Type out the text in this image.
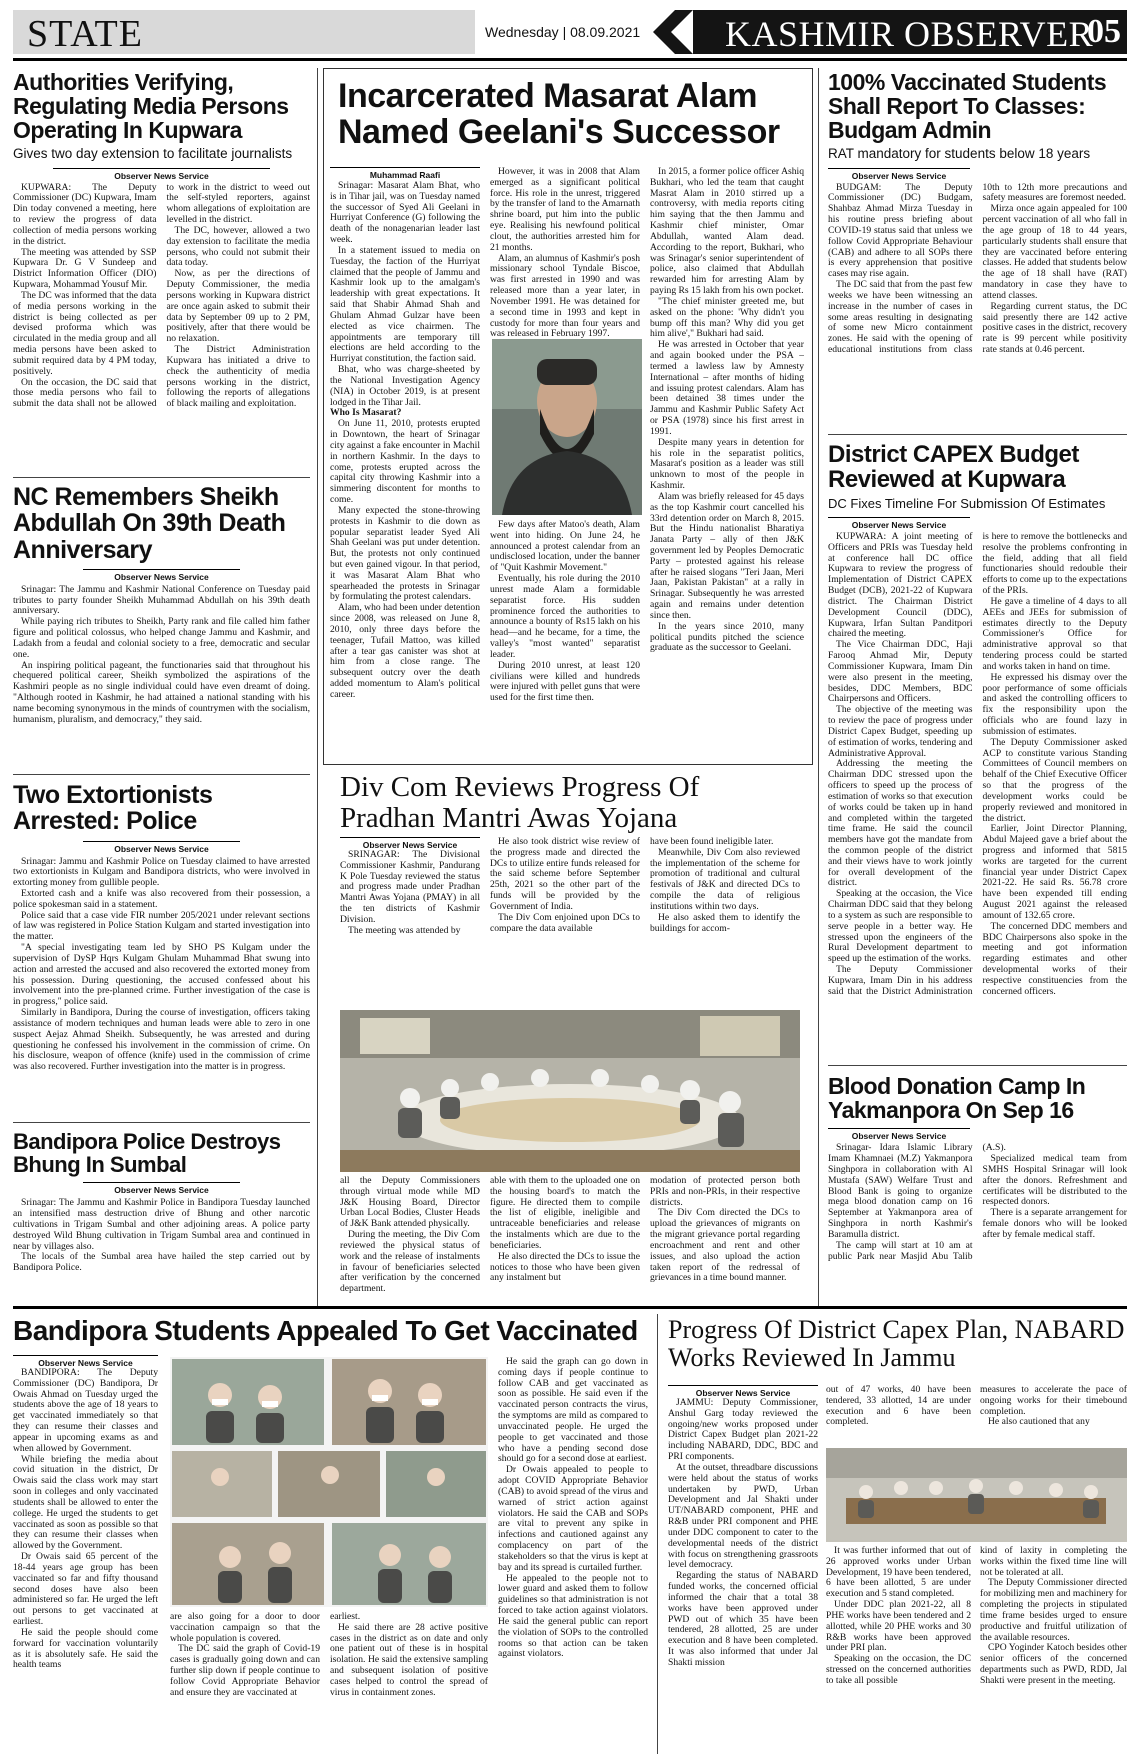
STATE	Wednesday | 08.09.2021 KASHMIR OBSERVER
05
Authorities Verifying, Regulating Media Persons Operating In Kupwara
Gives two day extension to facilitate journalists
Observer News Service

KUPWARA: The Deputy Commissioner (DC) Kupwara, Imam Din today convened a meeting, here to review the progress of data collection of media persons working in the district.

The meeting was attended by SSP Kupwara Dr. G V Sundeep and District Information Officer (DIO) Kupwara, Mohammad Yousuf Mir.

The DC was informed that the data of media persons working in the district is being collected as per devised proforma which was circulated in the media group and all media persons have been asked to submit required data by 4 PM today, positively.

On the occasion, the DC said that those media persons who fail to submit the data shall not be allowed to work in the district to weed out the self-styled reporters, against whom allegations of exploitation are levelled in the district.

The DC, however, allowed a two day extension to facilitate the media persons, who could not submit their data today.

Now, as per the directions of Deputy Commissioner, the media persons working in Kupwara district are once again asked to submit their data by September 09 up to 2 PM, positively, after that there would be no relaxation.

The District Administration Kupwara has initiated a drive to check the authenticity of media persons working in the district, following the reports of allegations of black mailing and exploitation.

NC Remembers Sheikh Abdullah On 39th Death Anniversary
Observer News Service

Srinagar: The Jammu and Kashmir National Conference on Tuesday paid tributes to party founder Sheikh Muhammad Abdullah on his 39th death anniversary.

While paying rich tributes to Sheikh, Party rank and file called him father figure and political colossus, who helped change Jammu and Kashmir, and Ladakh from a feudal and colonial society to a free, democratic and secular one.

An inspiring political pageant, the functionaries said that throughout his chequered political career, Sheikh symbolized the aspirations of the Kashmiri people as no single individual could have even dreamt of doing. "Although rooted in Kashmir, he had attained a national standing with his name becoming synonymous in the minds of countrymen with the socialism, humanism, pluralism, and democracy," they said.

Two Extortionists Arrested: Police
Observer News Service

Srinagar: Jammu and Kashmir Police on Tuesday claimed to have arrested two extortionists in Kulgam and Bandipora districts, who were involved in extorting money from gullible people.

Extorted cash and a knife was also recovered from their possession, a police spokesman said in a statement.

Police said that a case vide FIR number 205/2021 under relevant sections of law was registered in Police Station Kulgam and started investigation into the matter.

"A special investigating team led by SHO PS Kulgam under the supervision of DySP Hqrs Kulgam Ghulam Muhammad Bhat swung into action and arrested the accused and also recovered the extorted money from his possession. During questioning, the accused confessed about his involvement into the pre-planned crime. Further investigation of the case is in progress," police said.

Similarly in Bandipora, During the course of investigation, officers taking assistance of modern techniques and human leads were able to zero in one suspect Aejaz Ahmad Sheikh. Subsequently, he was arrested and during questioning he confessed his involvement in the commission of crime. On his disclosure, weapon of offence (knife) used in the commission of crime was also recovered. Further investigation into the matter is in progress.

Bandipora Police Destroys Bhung In Sumbal
Observer News Service

Srinagar: The Jammu and Kashmir Police in Bandipora Tuesday launched an intensified mass destruction drive of Bhung and other narcotic cultivations in Trigam Sumbal and other adjoining areas. A police party destroyed Wild Bhung cultivation in Trigam Sumbal area and continued in near by villages also.

The locals of the Sumbal area have hailed the step carried out by Bandipora Police.

Incarcerated Masarat Alam Named Geelani's Successor
Muhammad Raafi

Srinagar: Masarat Alam Bhat, who is in Tihar jail, was on Tuesday named the successor of Syed Ali Geelani in Hurriyat Conference (G) following the death of the nonagenarian leader last week.

In a statement issued to media on Tuesday, the faction of the Hurriyat claimed that the people of Jammu and Kashmir look up to the amalgam's leadership with great expectations. It said that Shabir Ahmad Shah and Ghulam Ahmad Gulzar have been elected as vice chairmen. The appointments are temporary till elections are held according to the Hurriyat constitution, the faction said.

Bhat, who was charge-sheeted by the National Investigation Agency (NIA) in October 2019, is at present lodged in the Tihar Jail.

Who Is Masarat?

On June 11, 2010, protests erupted in Downtown, the heart of Srinagar city against a fake encounter in Machil in northern Kashmir. In the days to come, protests erupted across the capital city throwing Kashmir into a simmering discontent for months to come.

Many expected the stone-throwing protests in Kashmir to die down as popular separatist leader Syed Ali Shah Geelani was put under detention. But, the protests not only continued but even gained vigour. In that period, it was Masarat Alam Bhat who spearheaded the protests in Srinagar by formulating the protest calendars.

Alam, who had been under detention since 2008, was released on June 8, 2010, only three days before the teenager, Tufail Mattoo, was killed after a tear gas canister was shot at him from a close range. The subsequent outcry over the death added momentum to Alam's political career.

However, it was in 2008 that Alam emerged as a significant political force. His role in the unrest, triggered by the transfer of land to the Amarnath shrine board, put him into the public eye. Realising his newfound political clout, the authorities arrested him for 21 months.

Alam, an alumnus of Kashmir's posh missionary school Tyndale Biscoe, was first arrested in 1990 and was released more than a year later, in November 1991. He was detained for a second time in 1993 and kept in custody for more than four years and was released in February 1997.

Few days after Matoo's death, Alam went into hiding. On June 24, he announced a protest calendar from an undisclosed location, under the banner of "Quit Kashmir Movement."

Eventually, his role during the 2010 unrest made Alam a formidable separatist force. His sudden prominence forced the authorities to announce a bounty of Rs15 lakh on his head—and he became, for a time, the valley's "most wanted" separatist leader.

During 2010 unrest, at least 120 civilians were killed and hundreds were injured with pellet guns that were used for the first time then.

In 2015, a former police officer Ashiq Bukhari, who led the team that caught Masrat Alam in 2010 stirred up a controversy, with media reports citing him saying that the then Jammu and Kashmir chief minister, Omar Abdullah, wanted Alam dead. According to the report, Bukhari, who was Srinagar's senior superintendent of police, also claimed that Abdullah rewarded him for arresting Alam by paying Rs 15 lakh from his own pocket.

"The chief minister greeted me, but asked on the phone: 'Why didn't you bump off this man? Why did you get him alive'," Bukhari had said.

He was arrested in October that year and again booked under the PSA – termed a lawless law by Amnesty International – after months of hiding and issuing protest calendars. Alam has been detained 38 times under the Jammu and Kashmir Public Safety Act or PSA (1978) since his first arrest in 1991.

Despite many years in detention for his role in the separatist politics, Masarat's position as a leader was still unknown to most of the people in Kashmir.

Alam was briefly released for 45 days as the top Kashmir court cancelled his 33rd detention order on March 8, 2015. But the Hindu nationalist Bharatiya Janata Party – ally of then J&K government led by Peoples Democratic Party – protested against his release after he raised slogans "Teri Jaan, Meri Jaan, Pakistan Pakistan" at a rally in Srinagar. Subsequently he was arrested again and remains under detention since then.

In the years since 2010, many political pundits pitched the science graduate as the successor to Geelani.

Div Com Reviews Progress Of Pradhan Mantri Awas Yojana
Observer News Service

SRINAGAR: The Divisional Commissioner Kashmir, Pandurang K Pole Tuesday reviewed the status and progress made under Pradhan Mantri Awas Yojana (PMAY) in all the ten districts of Kashmir Division.

The meeting was attended by

He also took district wise review of the progress made and directed the DCs to utilize entire funds released for the said scheme before September 25th, 2021 so the other part of the funds will be provided by the Government of India.

The Div Com enjoined upon DCs to compare the data available

have been found ineligible later.

Meanwhile, Div Com also reviewed the implementation of the scheme for promotion of traditional and cultural festivals of J&K and directed DCs to compile the data of religious institutions within two days.

He also asked them to identify the buildings for accom-

all the Deputy Commissioners through virtual mode while MD J&K Housing Board, Director Urban Local Bodies, Cluster Heads of J&K Bank attended physically.

During the meeting, the Div Com reviewed the physical status of work and the release of instalments in favour of beneficiaries selected after verification by the concerned department.

able with them to the uploaded one on the housing board's to match the figure. He directed them to compile the list of eligible, ineligible and untraceable beneficiaries and release the instalments which are due to the beneficiaries.

He also directed the DCs to issue the notices to those who have been given any instalment but

modation of protected person both PRIs and non-PRIs, in their respective districts.

The Div Com directed the DCs to upload the grievances of migrants on the migrant grievance portal regarding encroachment and rent and other issues, and also upload the action taken report of the redressal of grievances in a time bound manner.

100% Vaccinated Students Shall Report To Classes: Budgam Admin
RAT mandatory for students below 18 years
Observer News Service

BUDGAM: The Deputy Commissioner (DC) Budgam, Shahbaz Ahmad Mirza Tuesday in his routine press briefing about COVID-19 status said that unless we follow Covid Appropriate Behaviour (CAB) and adhere to all SOPs there is every apprehension that positive cases may rise again.

The DC said that from the past few weeks we have been witnessing an increase in the number of cases in some areas resulting in designating of some new Micro containment zones. He said with the opening of educational institutions from class 10th to 12th more precautions and safety measures are foremost needed.

Mirza once again appealed for 100 percent vaccination of all who fall in the age group of 18 to 44 years, particularly students shall ensure that they are vaccinated before entering classes. He added that students below the age of 18 shall have (RAT) mandatory in case they have to attend classes.

Regarding current status, the DC said presently there are 142 active positive cases in the district, recovery rate is 99 percent while positivity rate stands at 0.46 percent.

District CAPEX Budget Reviewed at Kupwara
DC Fixes Timeline For Submission Of Estimates
Observer News Service

KUPWARA: A joint meeting of Officers and PRIs was Tuesday held at conference hall DC office Kupwara to review the progress of Implementation of District CAPEX Budget (DCB), 2021-22 of Kupwara district. The Chairman District Development Council (DDC), Kupwara, Irfan Sultan Panditpori chaired the meeting.

The Vice Chairman DDC, Haji Farooq Ahmad Mir, Deputy Commissioner Kupwara, Imam Din were also present in the meeting, besides, DDC Members, BDC Chairpersons and Officers.

The objective of the meeting was to review the pace of progress under District Capex Budget, speeding up of estimation of works, tendering and Administrative Approval.

Addressing the meeting the Chairman DDC stressed upon the officers to speed up the process of estimation of works so that execution of works could be taken up in hand and completed within the targeted time frame. He said the council members have got the mandate from the common people of the district and their views have to work jointly for overall development of the district.

Speaking at the occasion, the Vice Chairman DDC said that they belong to a system as such are responsible to serve people in a better way. He stressed upon the engineers of the Rural Development department to speed up the estimation of the works.

The Deputy Commissioner Kupwara, Imam Din in his address said that the District Administration is here to remove the bottlenecks and resolve the problems confronting in the field, adding that all field functionaries should redouble their efforts to come up to the expectations of the PRIs.

He gave a timeline of 4 days to all AEEs and JEEs for submission of estimates directly to the Deputy Commissioner's Office for administrative approval so that tendering process could be started and works taken in hand on time.

He expressed his dismay over the poor performance of some officials and asked the controlling officers to fix the responsibility upon the officials who are found lazy in submission of estimates.

The Deputy Commissioner asked ACP to constitute various Standing Committees of Council members on behalf of the Chief Executive Officer so that the progress of the development works could be properly reviewed and monitored in the district.

Earlier, Joint Director Planning, Abdul Majeed gave a brief about the progress and informed that 5815 works are targeted for the current financial year under District Capex 2021-22. He said Rs. 56.78 crore have been expended till ending August 2021 against the released amount of 132.65 crore.

The concerned DDC members and BDC Chairpersons also spoke in the meeting and got information regarding estimates and other developmental works of their respective constituencies from the concerned officers.

Blood Donation Camp In Yakmanpora On Sep 16
Observer News Service

Srinagar- Idara Islamic Library Imam Khamnaei (M.Z) Yakmanpora Singhpora in collaboration with Al Mustafa (SAW) Welfare Trust and Blood Bank is going to organize mega blood donation camp on 16 September at Yakmanpora area of Singhpora in north Kashmir's Baramulla district.

The camp will start at 10 am at public Park near Masjid Abu Talib (A.S).

Specialized medical team from SMHS Hospital Srinagar will look after the donors. Refreshment and certificates will be distributed to the respected donors.

There is a separate arrangement for female donors who will be looked after by female medical staff.

Bandipora Students Appealed To Get Vaccinated
Observer News Service

BANDIPORA: The Deputy Commissioner (DC) Bandipora, Dr Owais Ahmad on Tuesday urged the students above the age of 18 years to get vaccinated immediately so that they can resume their classes and appear in upcoming exams as and when allowed by Government.

While briefing the media about covid situation in the district, Dr Owais said the class work may start soon in colleges and only vaccinated students shall be allowed to enter the college. He urged the students to get vaccinated as soon as possible so that they can resume their classes when allowed by the Government.

Dr Owais said 65 percent of the 18-44 years age group has been vaccinated so far and fifty thousand second doses have also been administered so far. He urged the left out persons to get vaccinated at earliest.

He said the people should come forward for vaccination voluntarily as it is absolutely safe. He said the health teams

are also going for a door to door vaccination campaign so that the whole population is covered.

The DC said the graph of Covid-19 cases is gradually going down and can further slip down if people continue to follow Covid Appropriate Behavior and ensure they are vaccinated at

earliest.

He said there are 28 active positive cases in the district as on date and only one patient out of these is in hospital isolation. He said the extensive sampling and subsequent isolation of positive cases helped to control the spread of virus in containment zones.

He said the graph can go down in coming days if people continue to follow CAB and get vaccinated as soon as possible. He said even if the vaccinated person contracts the virus, the symptoms are mild as compared to unvaccinated people. He urged the people to get vaccinated and those who have a pending second dose should go for a second dose at earliest.

Dr Owais appealed to people to adopt COVID Appropriate Behavior (CAB) to avoid spread of the virus and warned of strict action against violators. He said the CAB and SOPs are vital to prevent any spike in infections and cautioned against any complacency on part of the stakeholders so that the virus is kept at bay and its spread is curtailed further.

He appealed to the people not to lower guard and asked them to follow guidelines so that administration is not forced to take action against violators. He said the general public can report the violation of SOPs to the controlled rooms so that action can be taken against violators.

Progress Of District Capex Plan, NABARD Works Reviewed In Jammu
Observer News Service

JAMMU: Deputy Commissioner, Anshul Garg today reviewed the ongoing/new works proposed under District Capex Budget plan 2021-22 including NABARD, DDC, BDC and PRI components.

At the outset, threadbare discussions were held about the status of works undertaken by PWD, Urban Development and Jal Shakti under UT/NABARD component, PHE and R&B under PRI component and PHE under DDC component to cater to the developmental needs of the district with focus on strengthening grassroots level democracy.

Regarding the status of NABARD funded works, the concerned official informed the chair that a total 38 works have been approved under PWD out of which 35 have been tendered, 28 allotted, 25 are under execution and 8 have been completed. It was also informed that under Jal Shakti mission

out of 47 works, 40 have been tendered, 33 allotted, 14 are under execution and 6 have been completed.

measures to accelerate the pace of ongoing works for their timebound completion.

He also cautioned that any

It was further informed that out of 26 approved works under Urban Development, 19 have been tendered, 6 have been allotted, 5 are under execution and 5 stand completed.

Under DDC plan 2021-22, all 8 PHE works have been tendered and 2 allotted, while 20 PHE works and 30 R&B works have been approved under PRI plan.

Speaking on the occasion, the DC stressed on the concerned authorities to take all possible

kind of laxity in completing the works within the fixed time line will not be tolerated at all.

The Deputy Commissioner directed for mobilizing men and machinery for completing the projects in stipulated time frame besides urged to ensure productive and fruitful utilization of the available resources.

CPO Yoginder Katoch besides other senior officers of the concerned departments such as PWD, RDD, Jal Shakti were present in the meeting.
